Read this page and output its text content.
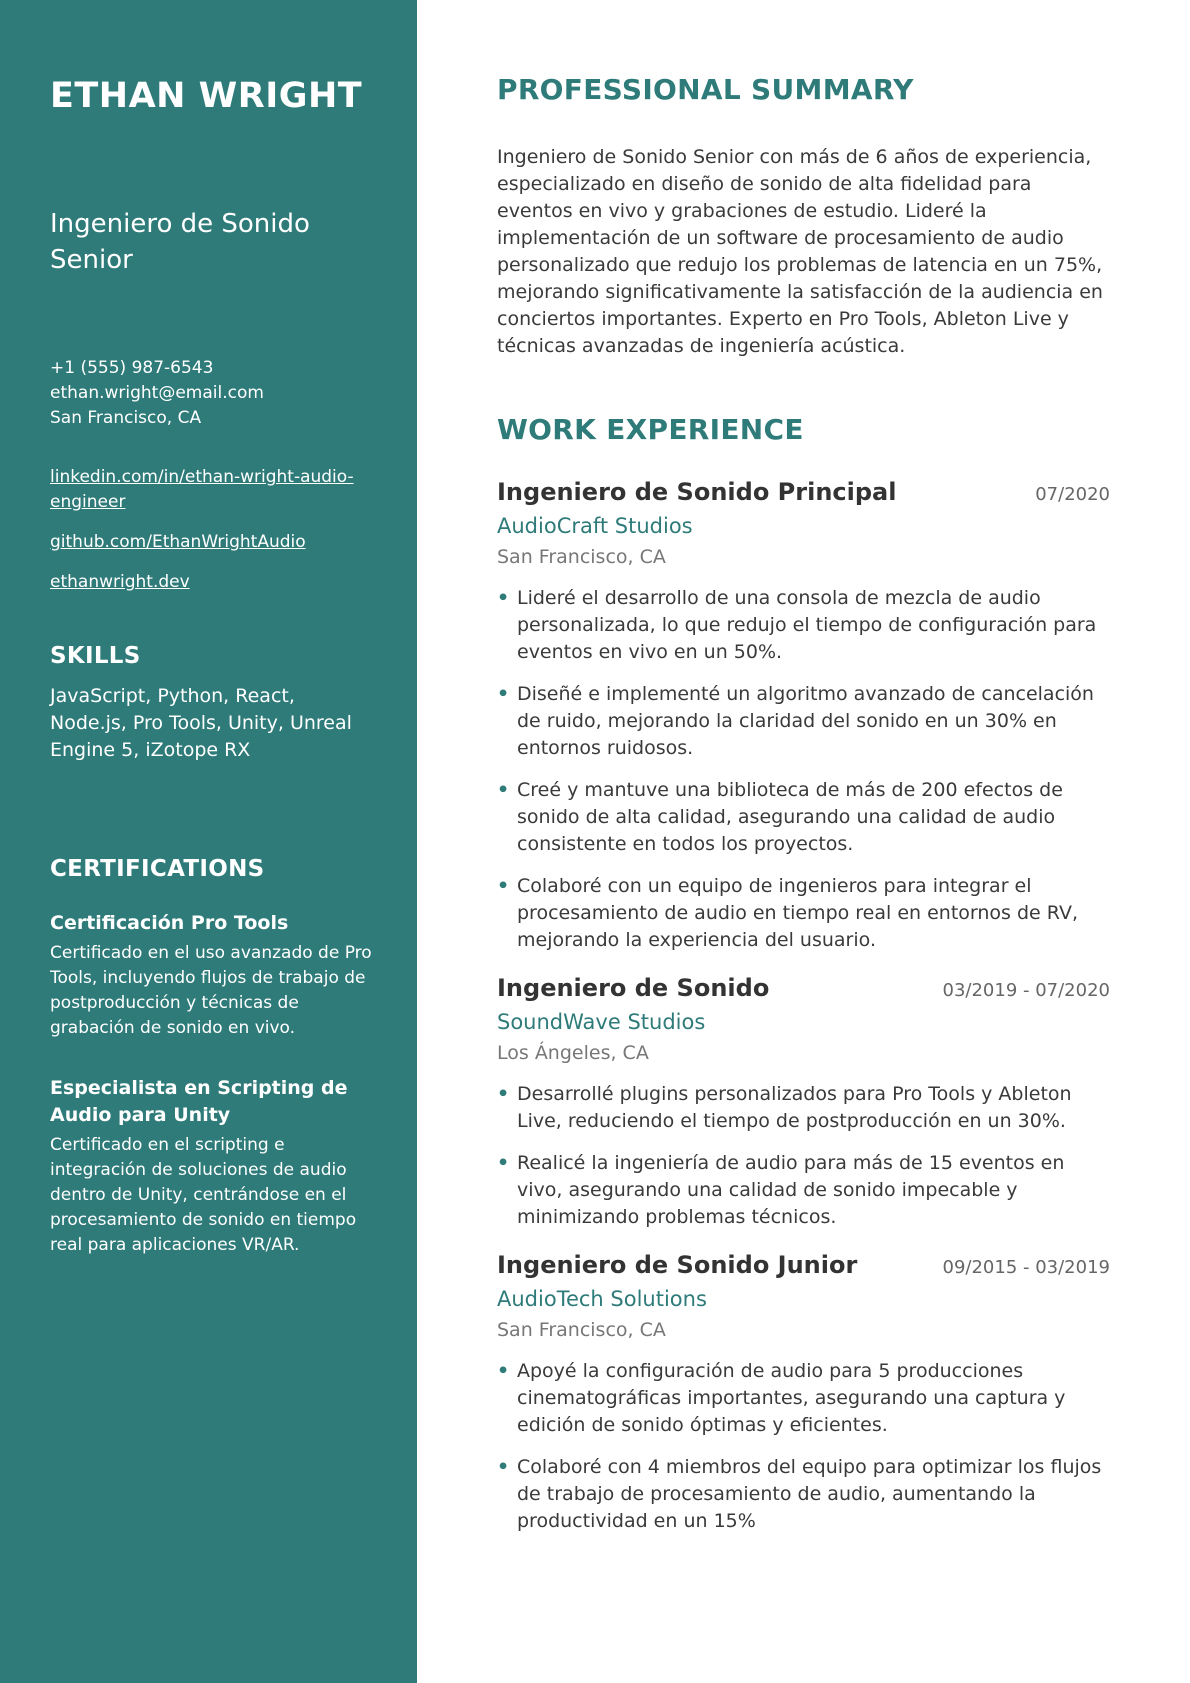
ETHAN WRIGHT
Ingeniero de Sonido Senior
+1 (555) 987-6543
ethan.wright@email.com
San Francisco, CA
linkedin.com/in/ethan-wright-audio-engineer
github.com/EthanWrightAudio
ethanwright.dev
SKILLS
JavaScript, Python, React, Node.js, Pro Tools, Unity, Unreal Engine 5, iZotope RX
CERTIFICATIONS
Certificación Pro Tools
Certificado en el uso avanzado de Pro Tools, incluyendo flujos de trabajo de postproducción y técnicas de grabación de sonido en vivo.
Especialista en Scripting de Audio para Unity
Certificado en el scripting e integración de soluciones de audio dentro de Unity, centrándose en el procesamiento de sonido en tiempo real para aplicaciones VR/AR.
PROFESSIONAL SUMMARY

Ingeniero de Sonido Senior con más de 6 años de experiencia, especializado en diseño de sonido de alta fidelidad para eventos en vivo y grabaciones de estudio. Lideré la implementación de un software de procesamiento de audio personalizado que redujo los problemas de latencia en un 75%, mejorando significativamente la satisfacción de la audiencia en conciertos importantes. Experto en Pro Tools, Ableton Live y técnicas avanzadas de ingeniería acústica.

WORK EXPERIENCE
Ingeniero de Sonido Principal	07/2020
AudioCraft Studios
San Francisco, CA
• Lideré el desarrollo de una consola de mezcla de audio personalizada, lo que redujo el tiempo de configuración para eventos en vivo en un 50%.
• Diseñé e implementé un algoritmo avanzado de cancelación de ruido, mejorando la claridad del sonido en un 30% en entornos ruidosos.
• Creé y mantuve una biblioteca de más de 200 efectos de sonido de alta calidad, asegurando una calidad de audio consistente en todos los proyectos.
• Colaboré con un equipo de ingenieros para integrar el procesamiento de audio en tiempo real en entornos de RV, mejorando la experiencia del usuario.
Ingeniero de Sonido	03/2019 - 07/2020
SoundWave Studios
Los Ángeles, CA
• Desarrollé plugins personalizados para Pro Tools y Ableton Live, reduciendo el tiempo de postproducción en un 30%.
• Realicé la ingeniería de audio para más de 15 eventos en vivo, asegurando una calidad de sonido impecable y minimizando problemas técnicos.
Ingeniero de Sonido Junior	09/2015 - 03/2019
AudioTech Solutions
San Francisco, CA
• Apoyé la configuración de audio para 5 producciones cinematográficas importantes, asegurando una captura y edición de sonido óptimas y eficientes.
• Colaboré con 4 miembros del equipo para optimizar los flujos de trabajo de procesamiento de audio, aumentando la productividad en un 15%
